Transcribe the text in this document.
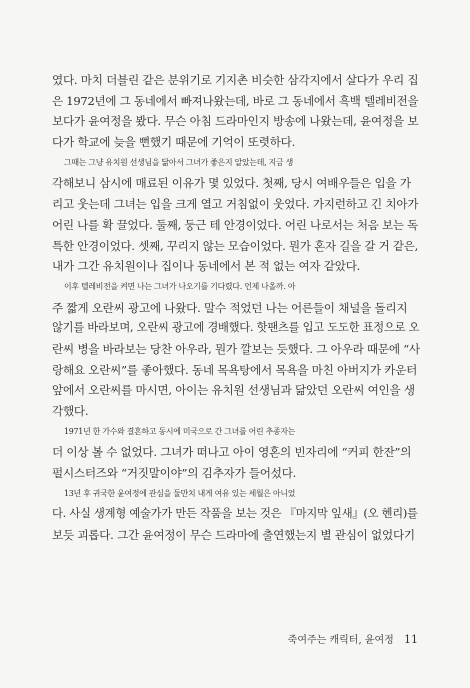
였다. 마치 더블린 같은 분위기로 기지촌 비슷한 삼각지에서 살다가 우리 집
은 1972년에 그 동네에서 빠져나왔는데, 바로 그 동네에서 흑백 텔레비전을
보다가 윤여정을 봤다. 무슨 아침 드라마인지 방송에 나왔는데, 윤여정을 보
다가 학교에 늦을 뻔했기 때문에 기억이 또렷하다.

그때는 그냥 유치원 선생님을 닮아서 그녀가 좋은지 알았는데, 지금 생
각해보니 삼시에 매료된 이유가 몇 있었다. 첫째, 당시 여배우들은 입을 가
리고 웃는데 그녀는 입을 크게 열고 거침없이 웃었다. 가지런하고 긴 치아가
어린 나를 확 끌었다. 둘째, 둥근 테 안경이었다. 어린 나로서는 처음 보는 독
특한 안경이었다. 셋째, 꾸리지 않는 모습이었다. 뭔가 혼자 길을 갈 거 같은,
내가 그간 유치원이나 집이나 동네에서 본 적 없는 여자 같았다.

이후 텔레비전을 켜면 나는 그녀가 나오기를 기다렸다. 언제 나올까. 아
주 짧게 오란씨 광고에 나왔다. 말수 적었던 나는 어른들이 채널을 돌리지
않기를 바라보며, 오란씨 광고에 경배했다. 핫팬츠를 입고 도도한 표정으로 오
란씨 병을 바라보는 당찬 아우라, 뭔가 깔보는 듯했다. 그 아우라 때문에 “사
랑해요 오란씨”를 좋아했다. 동네 목욕탕에서 목욕을 마친 아버지가 카운터
앞에서 오란씨를 마시면, 아이는 유치원 선생님과 닮았던 오란씨 여인을 생
각했다.

1971년 한 가수와 결혼하고 동시에 미국으로 간 그녀를 어린 추종자는
더 이상 볼 수 없었다. 그녀가 떠나고 아이 영혼의 빈자리에 “커피 한잔”의
펄시스터즈와 “거짓말이야”의 김추자가 들어섰다.

13년 후 귀국한 윤여정에 관심을 둘만치 내게 여유 있는 세월은 아니었
다. 사실 생계형 예술가가 만든 작품을 보는 것은 『마지막 잎새』(오 헨리)를
보듯 괴롭다. 그간 윤여정이 무슨 드라마에 출연했는지 별 관심이 없었다기

죽여주는 캐릭터, 윤여정 11
